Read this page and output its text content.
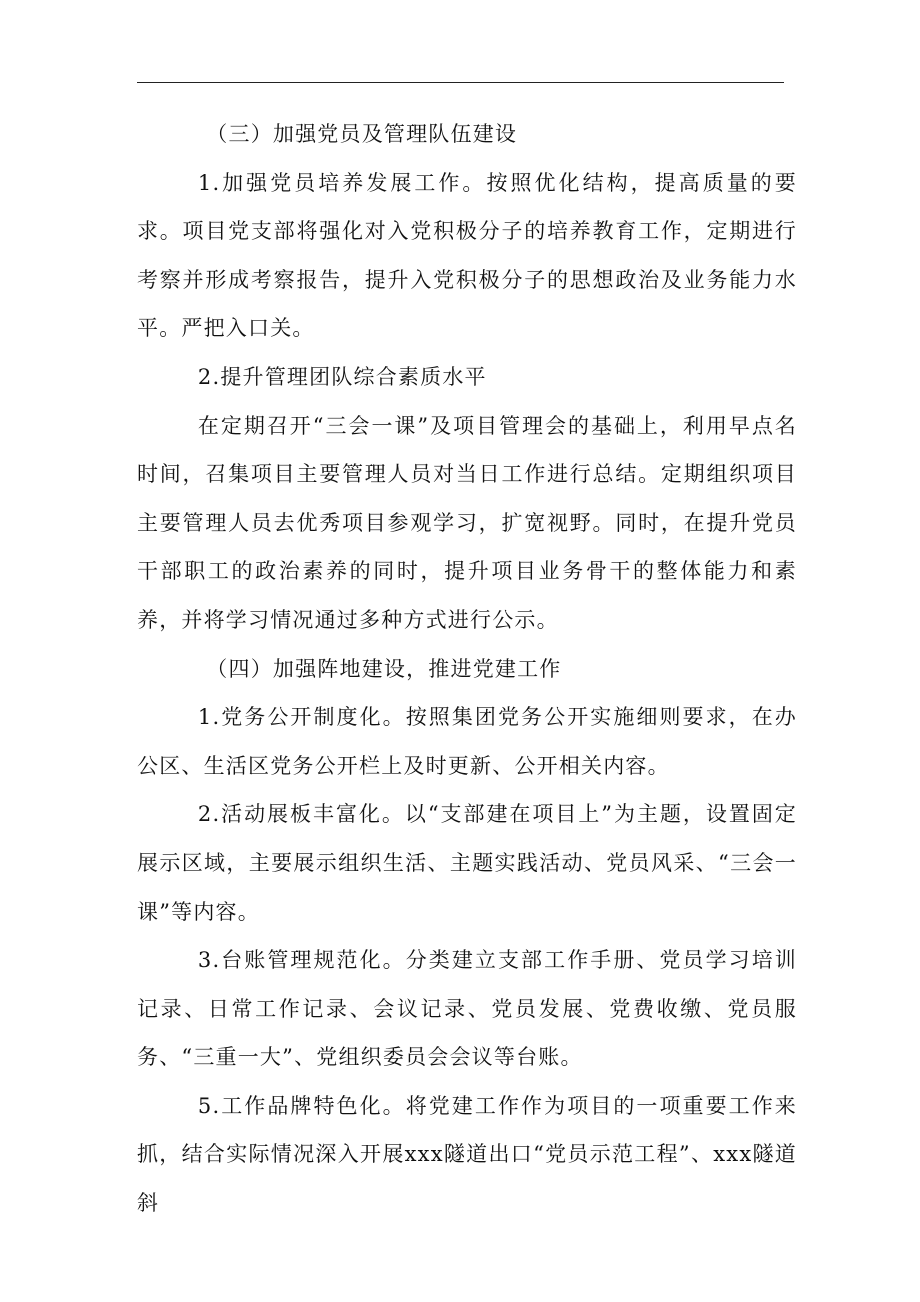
（三）加强党员及管理队伍建设

1.加强党员培养发展工作。按照优化结构，提高质量的要求。项目党支部将强化对入党积极分子的培养教育工作，定期进行考察并形成考察报告，提升入党积极分子的思想政治及业务能力水平。严把入口关。

2.提升管理团队综合素质水平

在定期召开“三会一课”及项目管理会的基础上，利用早点名时间，召集项目主要管理人员对当日工作进行总结。定期组织项目主要管理人员去优秀项目参观学习，扩宽视野。同时，在提升党员干部职工的政治素养的同时，提升项目业务骨干的整体能力和素养，并将学习情况通过多种方式进行公示。

（四）加强阵地建设，推进党建工作

1.党务公开制度化。按照集团党务公开实施细则要求，在办公区、生活区党务公开栏上及时更新、公开相关内容。

2.活动展板丰富化。以“支部建在项目上”为主题，设置固定展示区域，主要展示组织生活、主题实践活动、党员风采、“三会一课”等内容。

3.台账管理规范化。分类建立支部工作手册、党员学习培训记录、日常工作记录、会议记录、党员发展、党费收缴、党员服务、“三重一大”、党组织委员会会议等台账。

5.工作品牌特色化。将党建工作作为项目的一项重要工作来抓，结合实际情况深入开展xxx隧道出口“党员示范工程”、xxx隧道斜
